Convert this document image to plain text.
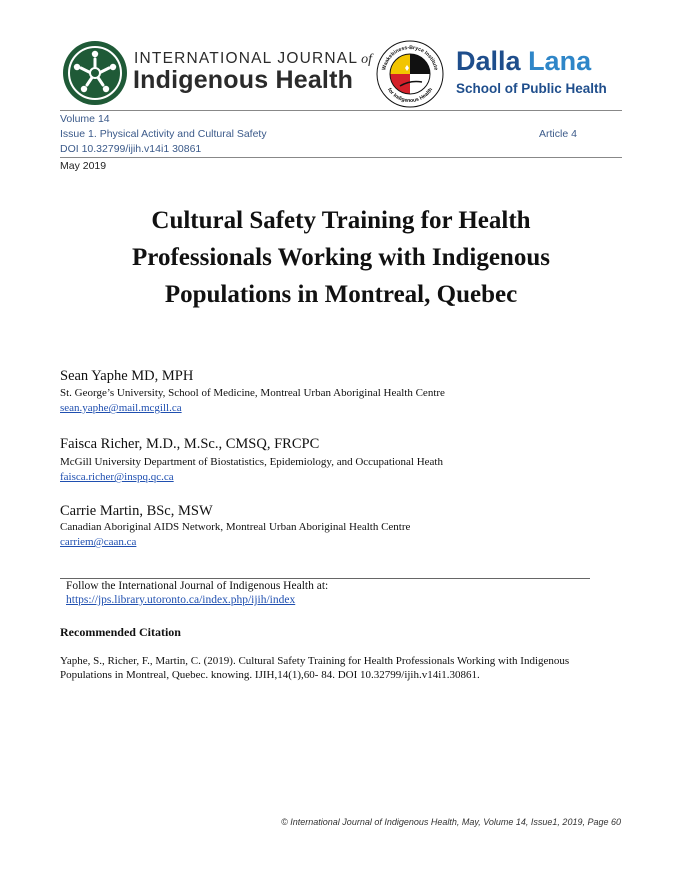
INTERNATIONAL JOURNAL of
Indigenous Health	Waakebiness-Bryce Institute
for Indigenous Health
Dalla Lana
School of Public Health
Volume 14
Issue 1. Physical Activity and Cultural Safety	Article 4
DOI 10.32799/ijih.v14i1 30861
May 2019
Cultural Safety Training for Health
Professionals Working with Indigenous
Populations in Montreal, Quebec
Sean Yaphe MD, MPH
St. George’s University, School of Medicine, Montreal Urban Aboriginal Health Centre
sean.yaphe@mail.mcgill.ca
Faisca Richer, M.D., M.Sc., CMSQ, FRCPC
McGill University Department of Biostatistics, Epidemiology, and Occupational Heath
faisca.richer@inspq.qc.ca
Carrie Martin, BSc, MSW
Canadian Aboriginal AIDS Network, Montreal Urban Aboriginal Health Centre
carriem@caan.ca
Follow the International Journal of Indigenous Health at:
https://jps.library.utoronto.ca/index.php/ijih/index
Recommended Citation
Yaphe, S., Richer, F., Martin, C. (2019). Cultural Safety Training for Health Professionals Working with Indigenous Populations in Montreal, Quebec. knowing. IJIH,14(1),60- 84. DOI 10.32799/ijih.v14i1.30861.
© International Journal of Indigenous Health, May, Volume 14, Issue1, 2019, Page 60
